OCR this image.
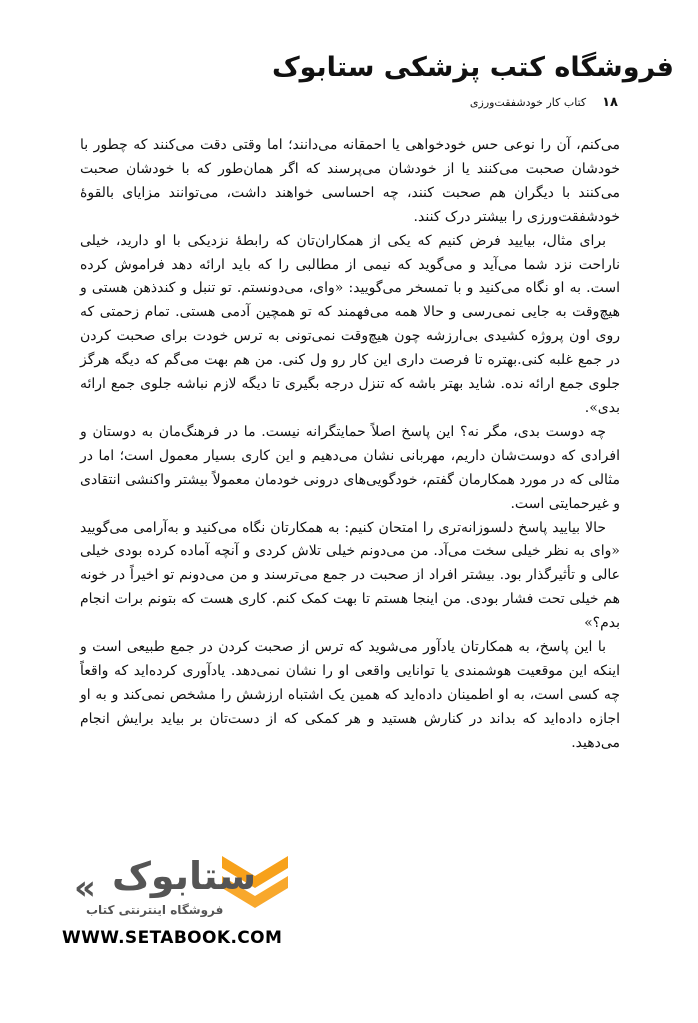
فروشگاه کتب پزشکی ستابوک
۱۸
کتاب کار خودشفقت‌ورزی

می‌کنم، آن را نوعی حس خودخواهی یا احمقانه می‌دانند؛ اما وقتی دقت می‌کنند که چطور با خودشان صحبت می‌کنند یا از خودشان می‌پرسند که اگر همان‌طور که با خودشان صحبت می‌کنند با دیگران هم صحبت کنند، چه احساسی خواهند داشت، می‌توانند مزایای بالقوهٔ خودشفقت‌ورزی را بیشتر درک کنند.

برای مثال، بیایید فرض کنیم که یکی از همکاران‌تان که رابطهٔ نزدیکی با او دارید، خیلی ناراحت نزد شما می‌آید و می‌گوید که نیمی از مطالبی را که باید ارائه دهد فراموش کرده است. به او نگاه می‌کنید و با تمسخر می‌گویید: «وای، می‌دونستم. تو تنبل و کندذهن هستی و هیچ‌وقت به جایی نمی‌رسی و حالا همه می‌فهمند که تو همچین آدمی هستی. تمام زحمتی که روی اون پروژه کشیدی بی‌ارزشه چون هیچ‌وقت نمی‌تونی به ترس خودت برای صحبت کردن در جمع غلبه کنی.بهتره تا فرصت داری این کار رو ول کنی. من هم بهت می‌گم که دیگه هرگز جلوی جمع ارائه نده. شاید بهتر باشه که تنزل درجه بگیری تا دیگه لازم نباشه جلوی جمع ارائه بدی».

چه دوست بدی، مگر نه؟ این پاسخ اصلاً حمایتگرانه نیست. ما در فرهنگ‌مان به دوستان و افرادی که دوست‌شان داریم، مهربانی نشان می‌دهیم و این کاری بسیار معمول است؛ اما در مثالی که در مورد همکارمان گفتم، خودگویی‌های درونی خودمان معمولاً بیشتر واکنشی انتقادی و غیرحمایتی است.

حالا بیایید پاسخ دلسوزانه‌تری را امتحان کنیم: به همکارتان نگاه می‌کنید و به‌آرامی می‌گویید «وای به نظر خیلی سخت می‌آد. من می‌دونم خیلی تلاش کردی و آنچه آماده کرده بودی خیلی عالی و تأثیرگذار بود. بیشتر افراد از صحبت در جمع می‌ترسند و من می‌دونم تو اخیراً در خونه هم خیلی تحت فشار بودی. من اینجا هستم تا بهت کمک کنم. کاری هست که بتونم برات انجام بدم؟»

با این پاسخ، به همکارتان یادآور می‌شوید که ترس از صحبت کردن در جمع طبیعی است و اینکه این موقعیت هوشمندی یا توانایی واقعی او را نشان نمی‌دهد. یادآوری کرده‌اید که واقعاً چه کسی است، به او اطمینان داده‌اید که همین یک اشتباه ارزشش را مشخص نمی‌کند و به او اجازه داده‌اید که بداند در کنارش هستید و هر کمکی که از دست‌تان بر بیاید برایش انجام می‌دهید.

« ستابوک
فروشگاه اینترنتی کتاب
WWW.SETABOOK.COM
